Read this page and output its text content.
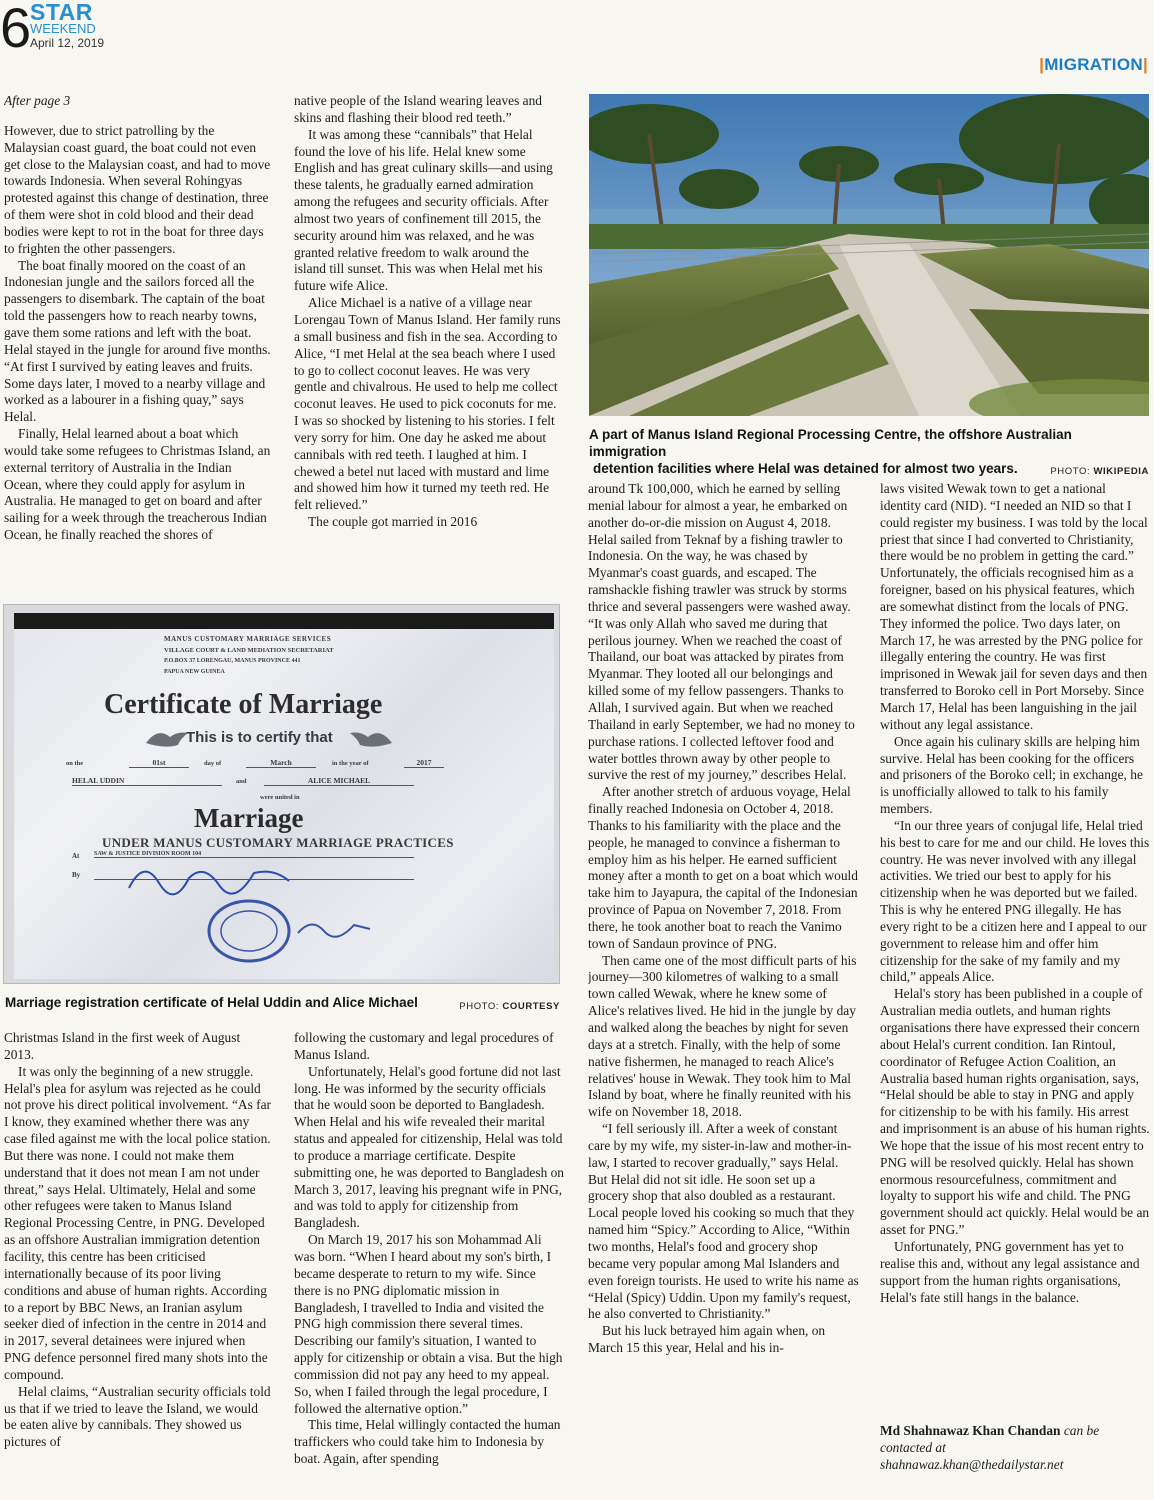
6
STAR
WEEKEND
April 12, 2019
|MIGRATION|

After page 3

However, due to strict patrolling by the Malaysian coast guard, the boat could not even get close to the Malaysian coast, and had to move towards Indonesia. When several Rohingyas protested against this change of destination, three of them were shot in cold blood and their dead bodies were kept to rot in the boat for three days to frighten the other passengers.

The boat finally moored on the coast of an Indonesian jungle and the sailors forced all the passengers to disembark. The captain of the boat told the passengers how to reach nearby towns, gave them some rations and left with the boat. Helal stayed in the jungle for around five months. “At first I survived by eating leaves and fruits. Some days later, I moved to a nearby village and worked as a labourer in a fishing quay,” says Helal.

Finally, Helal learned about a boat which would take some refugees to Christmas Island, an external territory of Australia in the Indian Ocean, where they could apply for asylum in Australia. He managed to get on board and after sailing for a week through the treacherous Indian Ocean, he finally reached the shores of

native people of the Island wearing leaves and skins and flashing their blood red teeth.”

It was among these “cannibals” that Helal found the love of his life. Helal knew some English and has great culinary skills—and using these talents, he gradually earned admiration among the refugees and security officials. After almost two years of confinement till 2015, the security around him was relaxed, and he was granted relative freedom to walk around the island till sunset. This was when Helal met his future wife Alice.

Alice Michael is a native of a village near Lorengau Town of Manus Island. Her family runs a small business and fish in the sea. According to Alice, “I met Helal at the sea beach where I used to go to collect coconut leaves. He was very gentle and chivalrous. He used to help me collect coconut leaves. He used to pick coconuts for me. I was so shocked by listening to his stories. I felt very sorry for him. One day he asked me about cannibals with red teeth. I laughed at him. I chewed a betel nut laced with mustard and lime and showed him how it turned my teeth red. He felt relieved.”

The couple got married in 2016

A part of Manus Island Regional Processing Centre, the offshore Australian immigration
detention facilities where Helal was detained for almost two years.	PHOTO: WIKIPEDIA
MANUS CUSTOMARY MARRIAGE SERVICES
VILLAGE COURT & LAND MEDIATION SECRETARIAT
P.O.BOX 37 LORENGAU, MANUS PROVINCE 441
PAPUA NEW GUINEA
Certificate of Marriage
This is to certify that
on the	01st	day of	March	in the year of	2017
HELAL UDDIN	and	ALICE MICHAEL
were united in
Marriage
UNDER MANUS CUSTOMARY MARRIAGE PRACTICES
At SAW & JUSTICE DIVISION ROOM 104
By
Marriage registration certificate of Helal Uddin and Alice Michael	PHOTO: COURTESY

Christmas Island in the first week of August 2013.

It was only the beginning of a new struggle. Helal's plea for asylum was rejected as he could not prove his direct political involvement. “As far I know, they examined whether there was any case filed against me with the local police station. But there was none. I could not make them understand that it does not mean I am not under threat,” says Helal. Ultimately, Helal and some other refugees were taken to Manus Island Regional Processing Centre, in PNG. Developed as an offshore Australian immigration detention facility, this centre has been criticised internationally because of its poor living conditions and abuse of human rights. According to a report by BBC News, an Iranian asylum seeker died of infection in the centre in 2014 and in 2017, several detainees were injured when PNG defence personnel fired many shots into the compound.

Helal claims, “Australian security officials told us that if we tried to leave the Island, we would be eaten alive by cannibals. They showed us pictures of

following the customary and legal procedures of Manus Island.

Unfortunately, Helal's good fortune did not last long. He was informed by the security officials that he would soon be deported to Bangladesh. When Helal and his wife revealed their marital status and appealed for citizenship, Helal was told to produce a marriage certificate. Despite submitting one, he was deported to Bangladesh on March 3, 2017, leaving his pregnant wife in PNG, and was told to apply for citizenship from Bangladesh.

On March 19, 2017 his son Mohammad Ali was born. “When I heard about my son's birth, I became desperate to return to my wife. Since there is no PNG diplomatic mission in Bangladesh, I travelled to India and visited the PNG high commission there several times. Describing our family's situation, I wanted to apply for citizenship or obtain a visa. But the high commission did not pay any heed to my appeal. So, when I failed through the legal procedure, I followed the alternative option.”

This time, Helal willingly contacted the human traffickers who could take him to Indonesia by boat. Again, after spending

around Tk 100,000, which he earned by selling menial labour for almost a year, he embarked on another do-or-die mission on August 4, 2018. Helal sailed from Teknaf by a fishing trawler to Indonesia. On the way, he was chased by Myanmar's coast guards, and escaped. The ramshackle fishing trawler was struck by storms thrice and several passengers were washed away. “It was only Allah who saved me during that perilous journey. When we reached the coast of Thailand, our boat was attacked by pirates from Myanmar. They looted all our belongings and killed some of my fellow passengers. Thanks to Allah, I survived again. But when we reached Thailand in early September, we had no money to purchase rations. I collected leftover food and water bottles thrown away by other people to survive the rest of my journey,” describes Helal.

After another stretch of arduous voyage, Helal finally reached Indonesia on October 4, 2018. Thanks to his familiarity with the place and the people, he managed to convince a fisherman to employ him as his helper. He earned sufficient money after a month to get on a boat which would take him to Jayapura, the capital of the Indonesian province of Papua on November 7, 2018. From there, he took another boat to reach the Vanimo town of Sandaun province of PNG.

Then came one of the most difficult parts of his journey—300 kilometres of walking to a small town called Wewak, where he knew some of Alice's relatives lived. He hid in the jungle by day and walked along the beaches by night for seven days at a stretch. Finally, with the help of some native fishermen, he managed to reach Alice's relatives' house in Wewak. They took him to Mal Island by boat, where he finally reunited with his wife on November 18, 2018.

“I fell seriously ill. After a week of constant care by my wife, my sister-in-law and mother-in-law, I started to recover gradually,” says Helal. But Helal did not sit idle. He soon set up a grocery shop that also doubled as a restaurant. Local people loved his cooking so much that they named him “Spicy.” According to Alice, “Within two months, Helal's food and grocery shop became very popular among Mal Islanders and even foreign tourists. He used to write his name as “Helal (Spicy) Uddin. Upon my family's request, he also converted to Christianity.”

But his luck betrayed him again when, on March 15 this year, Helal and his in-

laws visited Wewak town to get a national identity card (NID). “I needed an NID so that I could register my business. I was told by the local priest that since I had converted to Christianity, there would be no problem in getting the card.” Unfortunately, the officials recognised him as a foreigner, based on his physical features, which are somewhat distinct from the locals of PNG. They informed the police. Two days later, on March 17, he was arrested by the PNG police for illegally entering the country. He was first imprisoned in Wewak jail for seven days and then transferred to Boroko cell in Port Morseby. Since March 17, Helal has been languishing in the jail without any legal assistance.

Once again his culinary skills are helping him survive. Helal has been cooking for the officers and prisoners of the Boroko cell; in exchange, he is unofficially allowed to talk to his family members.

“In our three years of conjugal life, Helal tried his best to care for me and our child. He loves this country. He was never involved with any illegal activities. We tried our best to apply for his citizenship when he was deported but we failed. This is why he entered PNG illegally. He has every right to be a citizen here and I appeal to our government to release him and offer him citizenship for the sake of my family and my child,” appeals Alice.

Helal's story has been published in a couple of Australian media outlets, and human rights organisations there have expressed their concern about Helal's current condition. Ian Rintoul, coordinator of Refugee Action Coalition, an Australia based human rights organisation, says, “Helal should be able to stay in PNG and apply for citizenship to be with his family. His arrest and imprisonment is an abuse of his human rights. We hope that the issue of his most recent entry to PNG will be resolved quickly. Helal has shown enormous resourcefulness, commitment and loyalty to support his wife and child. The PNG government should act quickly. Helal would be an asset for PNG.”

Unfortunately, PNG government has yet to realise this and, without any legal assistance and support from the human rights organisations, Helal's fate still hangs in the balance.

Md Shahnawaz Khan Chandan can be contacted at
shahnawaz.khan@thedailystar.net
